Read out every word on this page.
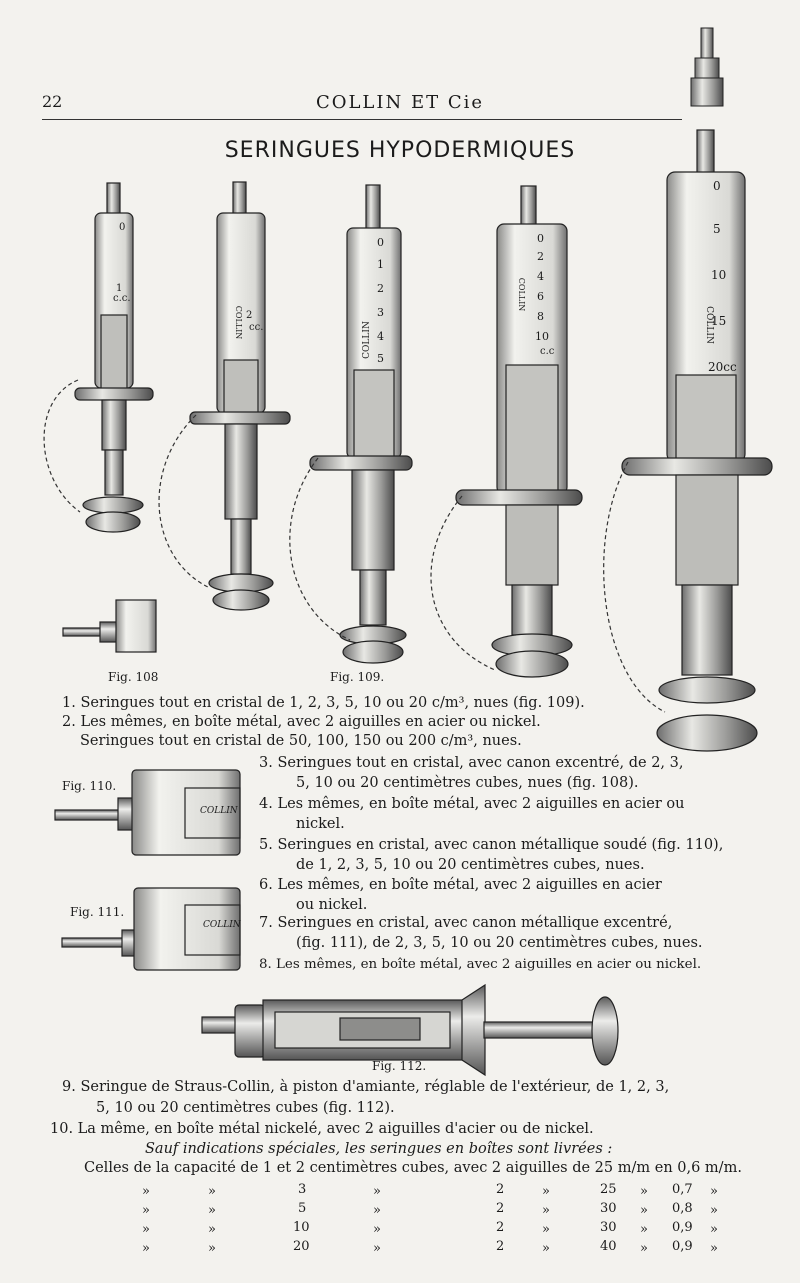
0
1
c.c.
2
cc.
COLLIN
0
1
2
3
4
5
COLLIN
0
2
4
6
8
10
c.c
COLLIN
0
5
10
15
20cc
COLLIN
COLLIN
COLLIN
22	COLLIN ET Cie
SERINGUES HYPODERMIQUES
Fig. 108	Fig. 109.
Fig. 110.
Fig. 111.
Fig. 112.
1. Seringues tout en cristal de 1, 2, 3, 5, 10 ou 20 c/m³, nues (fig. 109).
2. Les mêmes, en boîte métal, avec 2 aiguilles en acier ou nickel.
Seringues tout en cristal de 50, 100, 150 ou 200 c/m³, nues.
3. Seringues tout en cristal, avec canon excentré, de 2, 3,
5, 10 ou 20 centimètres cubes, nues (fig. 108).
4. Les mêmes, en boîte métal, avec 2 aiguilles en acier ou
nickel.
5. Seringues en cristal, avec canon métallique soudé (fig. 110),
de 1, 2, 3, 5, 10 ou 20 centimètres cubes, nues.
6. Les mêmes, en boîte métal, avec 2 aiguilles en acier
ou nickel.
7. Seringues en cristal, avec canon métallique excentré,
(fig. 111), de 2, 3, 5, 10 ou 20 centimètres cubes, nues.
8. Les mêmes, en boîte métal, avec 2 aiguilles en acier ou nickel.
9. Seringue de Straus-Collin, à piston d'amiante, réglable de l'extérieur, de 1, 2, 3,
5, 10 ou 20 centimètres cubes (fig. 112).
10. La même, en boîte métal nickelé, avec 2 aiguilles d'acier ou de nickel.
Sauf indications spéciales, les seringues en boîtes sont livrées :
Celles de la capacité de 1 et 2 centimètres cubes, avec 2 aiguilles de 25 m/m en 0,6 m/m.
»	»	3	»	2	»	25 » 0,7 »
»	»	5	»	2	»	30 » 0,8 »
»	»	10	»	2	»	30 » 0,9 »
»	»	20	»	2	»	40 » 0,9 »
